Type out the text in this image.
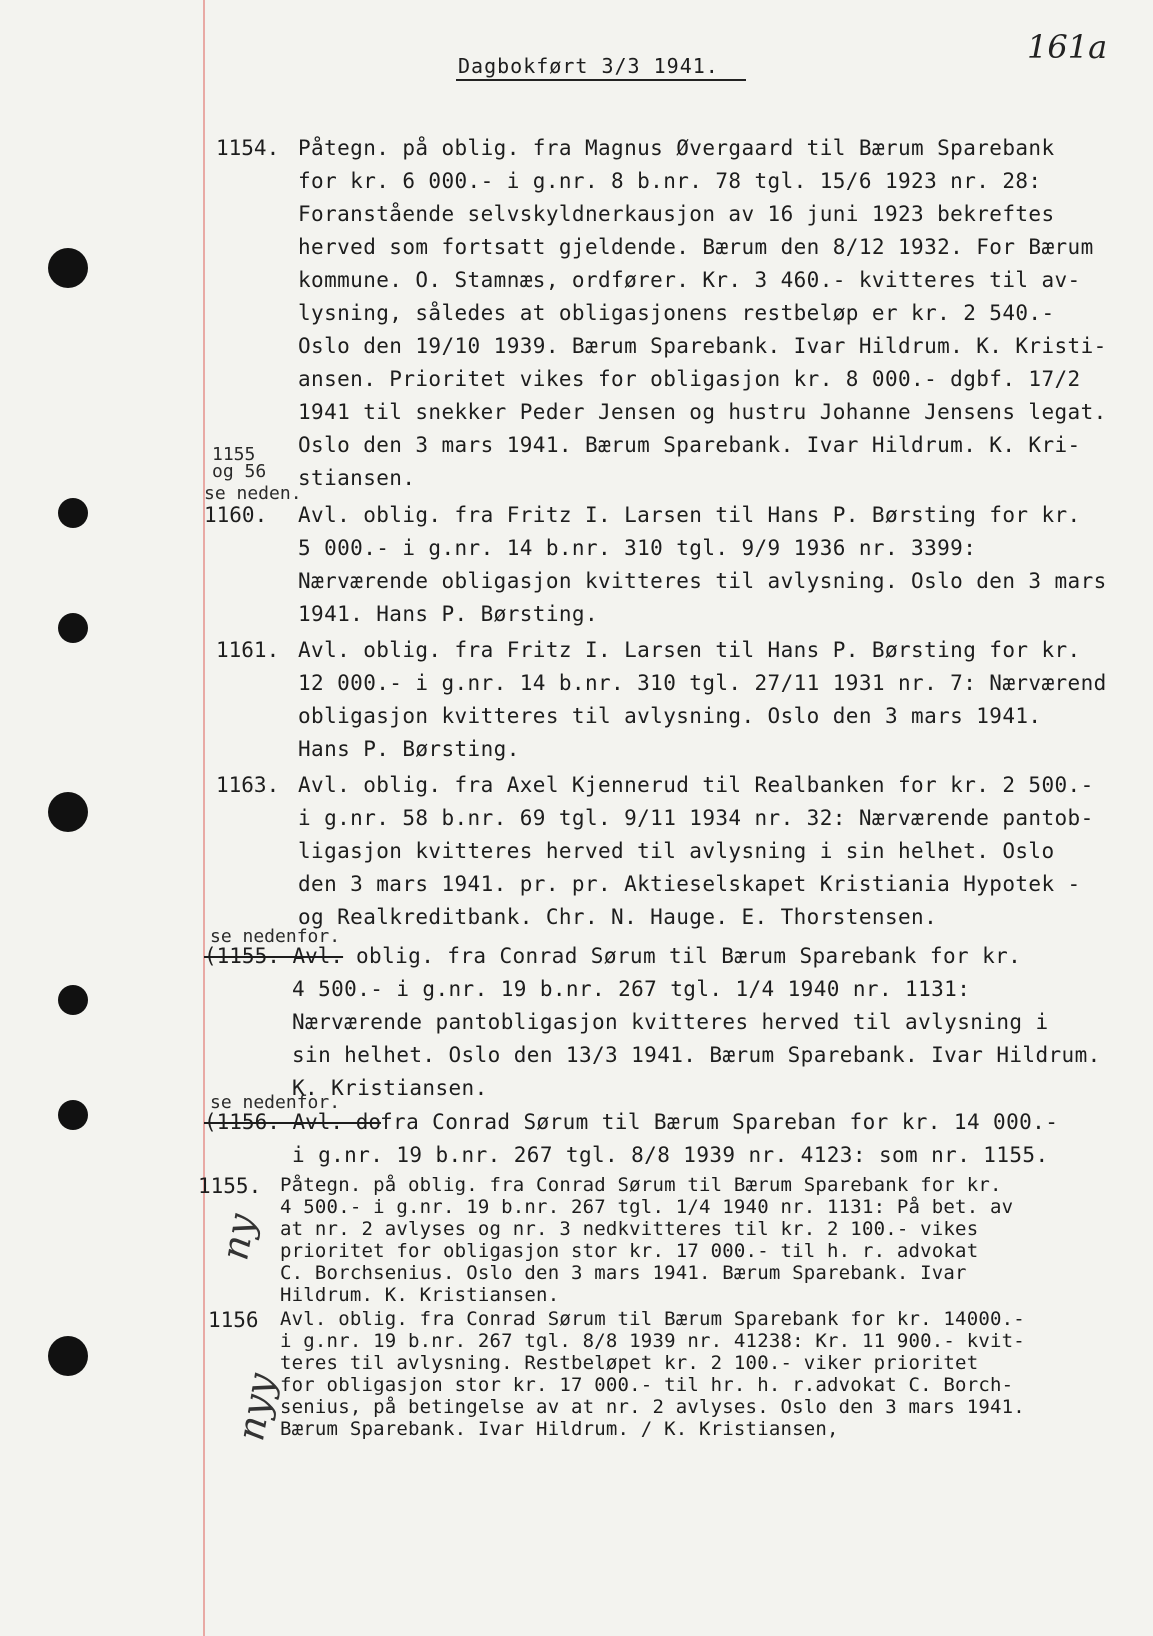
Dagbokført 3/3 1941.	161a
1154. Påtegn. på oblig. fra Magnus Øvergaard til Bærum Sparebank
for kr. 6 000.- i g.nr. 8 b.nr. 78 tgl. 15/6 1923 nr. 28:
Foranstående selvskyldnerkausjon av 16 juni 1923 bekreftes
herved som fortsatt gjeldende. Bærum den 8/12 1932. For Bærum
kommune. O. Stamnæs, ordfører. Kr. 3 460.- kvitteres til av-
lysning, således at obligasjonens restbeløp er kr. 2 540.-
Oslo den 19/10 1939. Bærum Sparebank. Ivar Hildrum. K. Kristi-
ansen. Prioritet vikes for obligasjon kr. 8 000.- dgbf. 17/2
1941 til snekker Peder Jensen og hustru Johanne Jensens legat.
Oslo den 3 mars 1941. Bærum Sparebank. Ivar Hildrum. K. Kri-
stiansen.
1155 og 56
se neden.
1160. Avl. oblig. fra Fritz I. Larsen til Hans P. Børsting for kr.
5 000.- i g.nr. 14 b.nr. 310 tgl. 9/9 1936 nr. 3399:
Nærværende obligasjon kvitteres til avlysning. Oslo den 3 mars
1941. Hans P. Børsting.
1161. Avl. oblig. fra Fritz I. Larsen til Hans P. Børsting for kr.
12 000.- i g.nr. 14 b.nr. 310 tgl. 27/11 1931 nr. 7: Nærværend
obligasjon kvitteres til avlysning. Oslo den 3 mars 1941.
Hans P. Børsting.
1163. Avl. oblig. fra Axel Kjennerud til Realbanken for kr. 2 500.-
i g.nr. 58 b.nr. 69 tgl. 9/11 1934 nr. 32: Nærværende pantob-
ligasjon kvitteres herved til avlysning i sin helhet. Oslo
den 3 mars 1941. pr. pr. Aktieselskapet Kristiania Hypotek -
og Realkreditbank. Chr. N. Hauge. E. Thorstensen.
se nedenfor.
(1155. Avl. oblig. fra Conrad Sørum til Bærum Sparebank for kr.
4 500.- i g.nr. 19 b.nr. 267 tgl. 1/4 1940 nr. 1131:
Nærværende pantobligasjon kvitteres herved til avlysning i
sin helhet. Oslo den 13/3 1941. Bærum Sparebank. Ivar Hildrum.
K. Kristiansen.
se nedenfor.
(1156. Avl. do
fra Conrad Sørum til Bærum Spareban for kr. 14 000.-
i g.nr. 19 b.nr. 267 tgl. 8/8 1939 nr. 4123: som nr. 1155.
1155. Påtegn. på oblig. fra Conrad Sørum til Bærum Sparebank for kr.
4 500.- i g.nr. 19 b.nr. 267 tgl. 1/4 1940 nr. 1131: På bet. av
at nr. 2 avlyses og nr. 3 nedkvitteres til kr. 2 100.- vikes
prioritet for obligasjon stor kr. 17 000.- til h. r. advokat
C. Borchsenius. Oslo den 3 mars 1941. Bærum Sparebank. Ivar
Hildrum. K. Kristiansen.
ny
1156 Avl. oblig. fra Conrad Sørum til Bærum Sparebank for kr. 14000.-
i g.nr. 19 b.nr. 267 tgl. 8/8 1939 nr. 41238: Kr. 11 900.- kvit-
teres til avlysning. Restbeløpet kr. 2 100.- viker prioritet
for obligasjon stor kr. 17 000.- til hr. h. r.advokat C. Borch-
senius, på betingelse av at nr. 2 avlyses. Oslo den 3 mars 1941.
Bærum Sparebank. Ivar Hildrum. / K. Kristiansen,
nyy
